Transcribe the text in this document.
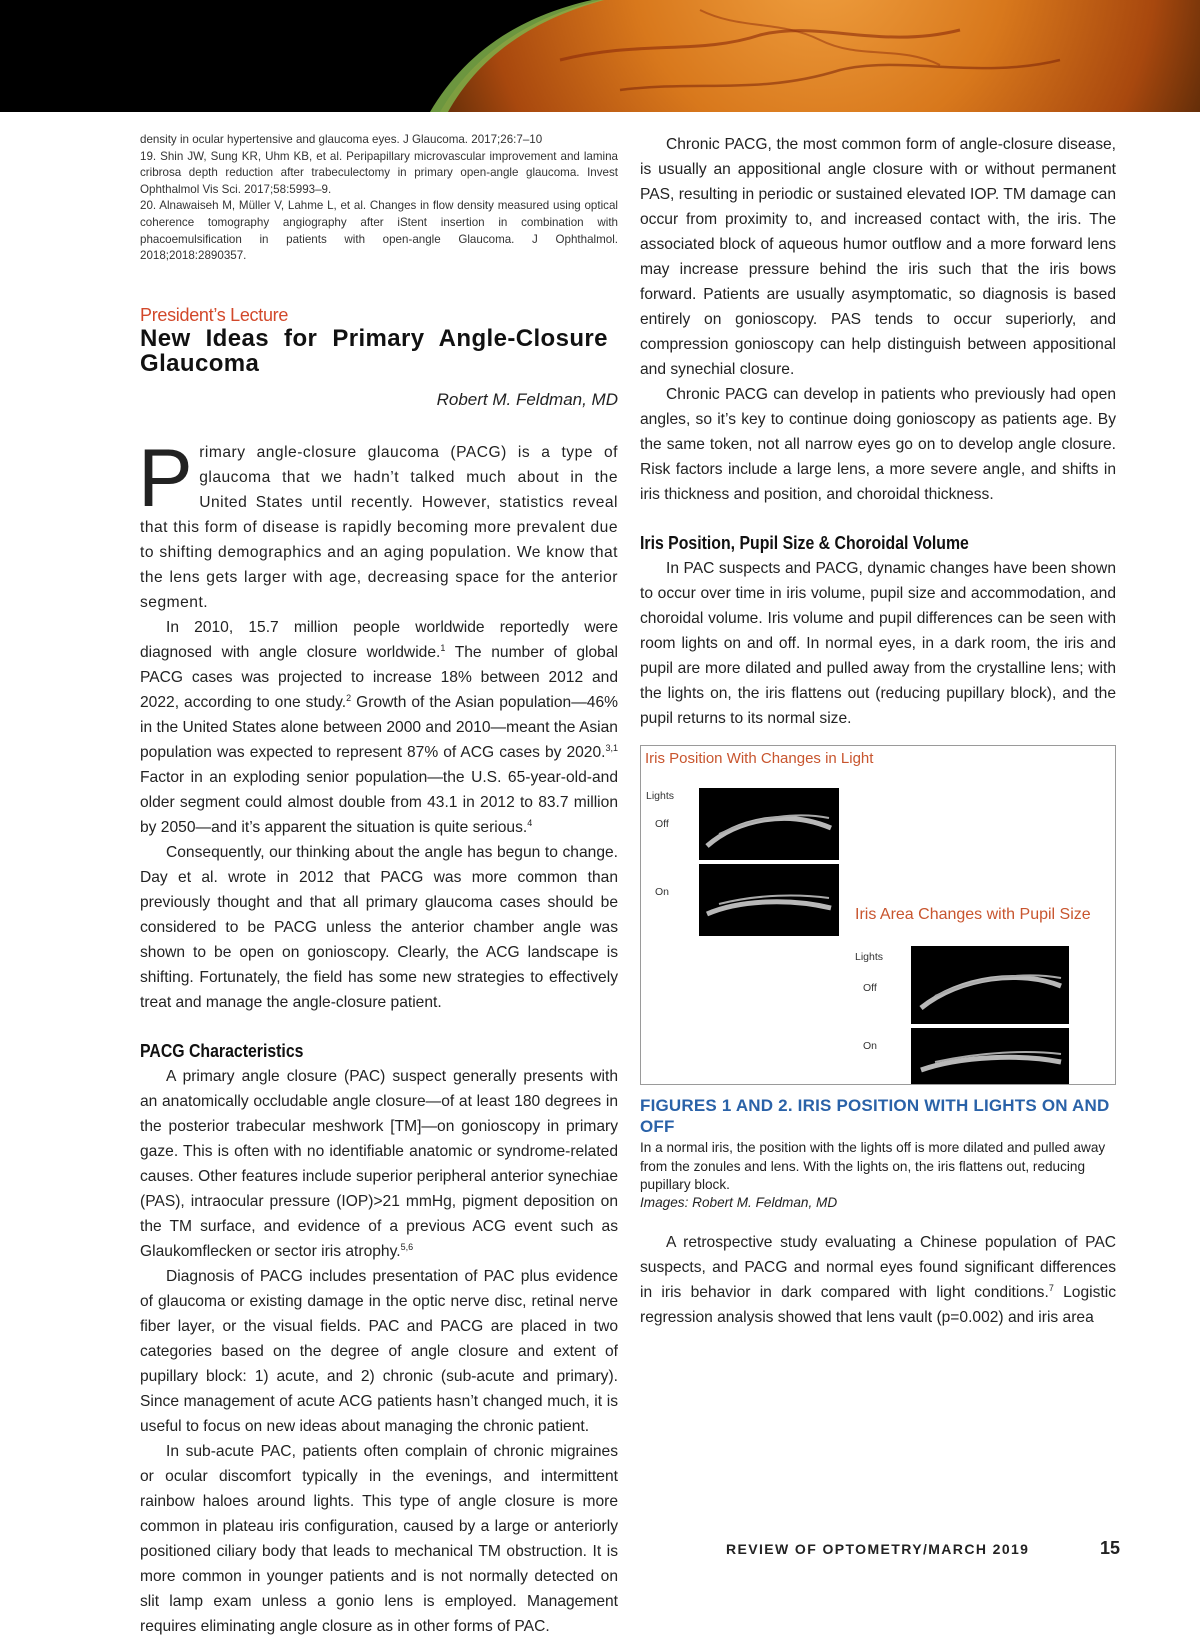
density in ocular hypertensive and glaucoma eyes. J Glaucoma. 2017;26:7–10

19. Shin JW, Sung KR, Uhm KB, et al. Peripapillary microvascular improvement and lamina cribrosa depth reduction after trabeculectomy in primary open-angle glaucoma. Invest Ophthalmol Vis Sci. 2017;58:5993–9.

20. Alnawaiseh M, Müller V, Lahme L, et al. Changes in flow density measured using optical coherence tomography angiography after iStent insertion in combination with phacoemulsification in patients with open-angle Glaucoma. J Ophthalmol. 2018;2018:2890357.

President’s Lecture
New Ideas for Primary Angle-Closure Glaucoma
Robert M. Feldman, MD

Primary angle-closure glaucoma (PACG) is a type of glaucoma that we hadn’t talked much about in the United States until recently. However, statistics reveal that this form of disease is rapidly becoming more prevalent due to shifting demographics and an aging population. We know that the lens gets larger with age, decreasing space for the anterior segment.

In 2010, 15.7 million people worldwide reportedly were diagnosed with angle closure worldwide.$^1$ The number of global PACG cases was projected to increase 18% between 2012 and 2022, according to one study.$^2$ Growth of the Asian population—46% in the United States alone between 2000 and 2010—meant the Asian population was expected to represent 87% of ACG cases by 2020.$^{3,1}$ Factor in an exploding senior population—the U.S. 65-year-old-and older segment could almost double from 43.1 in 2012 to 83.7 million by 2050—and it’s apparent the situation is quite serious.$^4$

Consequently, our thinking about the angle has begun to change. Day et al. wrote in 2012 that PACG was more common than previously thought and that all primary glaucoma cases should be considered to be PACG unless the anterior chamber angle was shown to be open on gonioscopy. Clearly, the ACG landscape is shifting. Fortunately, the field has some new strategies to effectively treat and manage the angle-closure patient.

PACG Characteristics

A primary angle closure (PAC) suspect generally presents with an anatomically occludable angle closure—of at least 180 degrees in the posterior trabecular meshwork [TM]—on gonioscopy in primary gaze. This is often with no identifiable anatomic or syndrome-related causes. Other features include superior peripheral anterior synechiae (PAS), intraocular pressure (IOP)>21 mmHg, pigment deposition on the TM surface, and evidence of a previous ACG event such as Glaukomflecken or sector iris atrophy.$^{5,6}$

Diagnosis of PACG includes presentation of PAC plus evidence of glaucoma or existing damage in the optic nerve disc, retinal nerve fiber layer, or the visual fields. PAC and PACG are placed in two categories based on the degree of angle closure and extent of pupillary block: 1) acute, and 2) chronic (sub-acute and primary). Since management of acute ACG patients hasn’t changed much, it is useful to focus on new ideas about managing the chronic patient.

In sub-acute PAC, patients often complain of chronic migraines or ocular discomfort typically in the evenings, and intermittent rainbow haloes around lights. This type of angle closure is more common in plateau iris configuration, caused by a large or anteriorly positioned ciliary body that leads to mechanical TM obstruction. It is more common in younger patients and is not normally detected on slit lamp exam unless a gonio lens is employed. Management requires eliminating angle closure as in other forms of PAC.

Chronic PACG, the most common form of angle-closure disease, is usually an appositional angle closure with or without permanent PAS, resulting in periodic or sustained elevated IOP. TM damage can occur from proximity to, and increased contact with, the iris. The associated block of aqueous humor outflow and a more forward lens may increase pressure behind the iris such that the iris bows forward. Patients are usually asymptomatic, so diagnosis is based entirely on gonioscopy. PAS tends to occur superiorly, and compression gonioscopy can help distinguish between appositional and synechial closure.

Chronic PACG can develop in patients who previously had open angles, so it’s key to continue doing gonioscopy as patients age. By the same token, not all narrow eyes go on to develop angle closure. Risk factors include a large lens, a more severe angle, and shifts in iris thickness and position, and choroidal thickness.

Iris Position, Pupil Size & Choroidal Volume

In PAC suspects and PACG, dynamic changes have been shown to occur over time in iris volume, pupil size and accommodation, and choroidal volume. Iris volume and pupil differences can be seen with room lights on and off. In normal eyes, in a dark room, the iris and pupil are more dilated and pulled away from the crystalline lens; with the lights on, the iris flattens out (reducing pupillary block), and the pupil returns to its normal size.

Iris Position With Changes in Light
Lights
Off
On
Iris Area Changes with Pupil Size
Lights
Off
On
FIGURES 1 AND 2. IRIS POSITION WITH LIGHTS ON AND OFF
In a normal iris, the position with the lights off is more dilated and pulled away from the zonules and lens. With the lights on, the iris flattens out, reducing pupillary block.
Images: Robert M. Feldman, MD

A retrospective study evaluating a Chinese population of PAC suspects, and PACG and normal eyes found significant differences in iris behavior in dark compared with light conditions.$^7$ Logistic regression analysis showed that lens vault (p=0.002) and iris area

REVIEW OF OPTOMETRY/MARCH 2019	15
